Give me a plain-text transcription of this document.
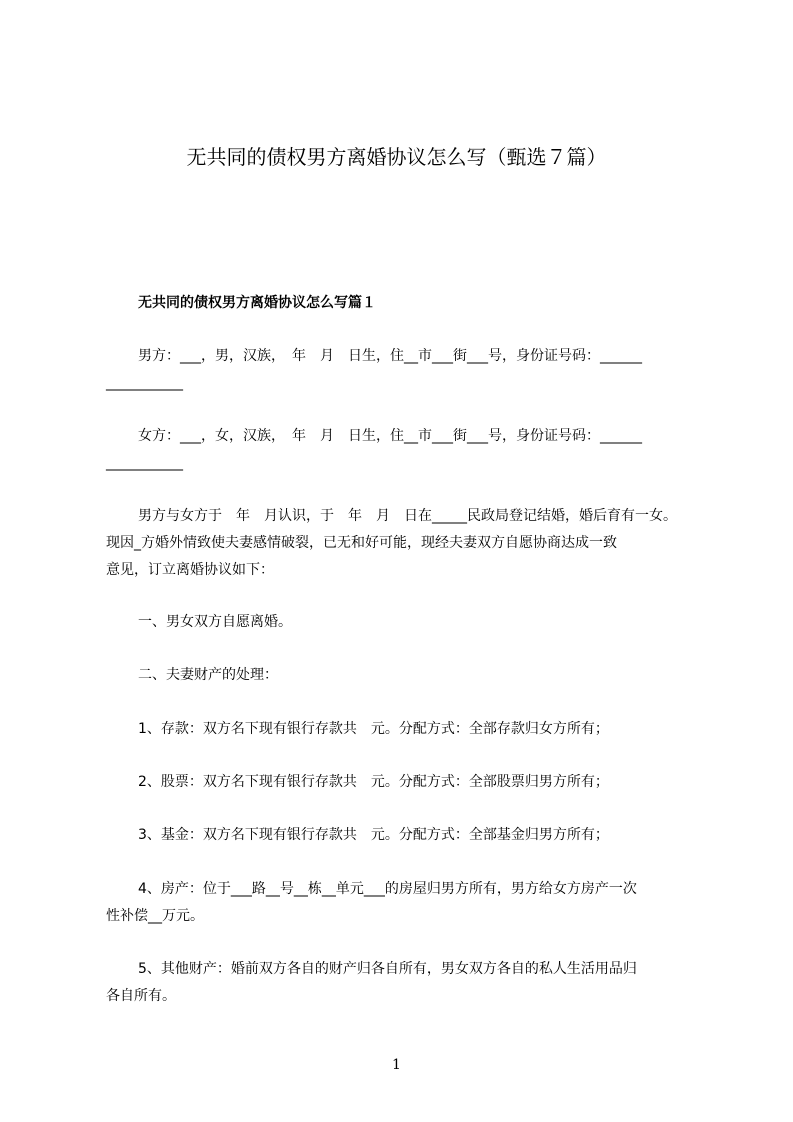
无共同的债权男方离婚协议怎么写（甄选７篇）
无共同的债权男方离婚协议怎么写篇１
男方：___，男，汉族，　年　月　日生，住__市___街___号，身份证号码：______
___________
女方：___，女，汉族，　年　月　日生，住__市___街___号，身份证号码：______
___________
男方与女方于　年　月认识，于　年　月　日在_____民政局登记结婚，婚后育有一女。
现因_方婚外情致使夫妻感情破裂，已无和好可能，现经夫妻双方自愿协商达成一致
意见，订立离婚协议如下：
一、男女双方自愿离婚。
二、夫妻财产的处理：
1、存款：双方名下现有银行存款共　元。分配方式：全部存款归女方所有；
2、股票：双方名下现有银行存款共　元。分配方式：全部股票归男方所有；
3、基金：双方名下现有银行存款共　元。分配方式：全部基金归男方所有；
4、房产：位于___路__号__栋__单元___的房屋归男方所有，男方给女方房产一次
性补偿__万元。
5、其他财产：婚前双方各自的财产归各自所有，男女双方各自的私人生活用品归
各自所有。
1
